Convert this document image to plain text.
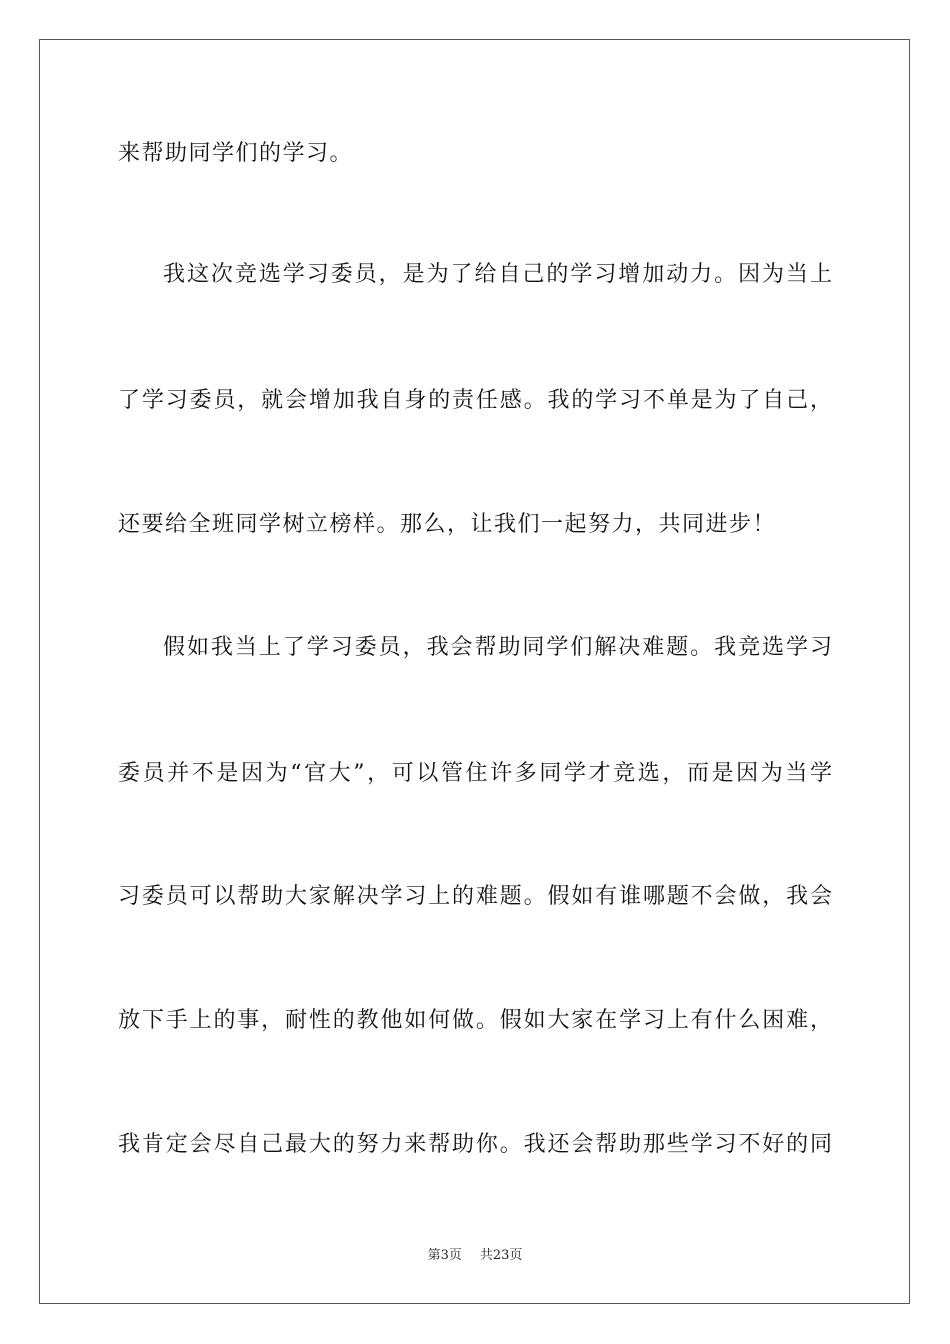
来帮助同学们的学习。
我这次竞选学习委员，是为了给自己的学习增加动力。因为当上
了学习委员，就会增加我自身的责任感。我的学习不单是为了自己，
还要给全班同学树立榜样。那么，让我们一起努力，共同进步！
假如我当上了学习委员，我会帮助同学们解决难题。我竞选学习
委员并不是因为“官大”，可以管住许多同学才竞选，而是因为当学
习委员可以帮助大家解决学习上的难题。假如有谁哪题不会做，我会
放下手上的事，耐性的教他如何做。假如大家在学习上有什么困难，
我肯定会尽自己最大的努力来帮助你。我还会帮助那些学习不好的同
第3页 共23页
